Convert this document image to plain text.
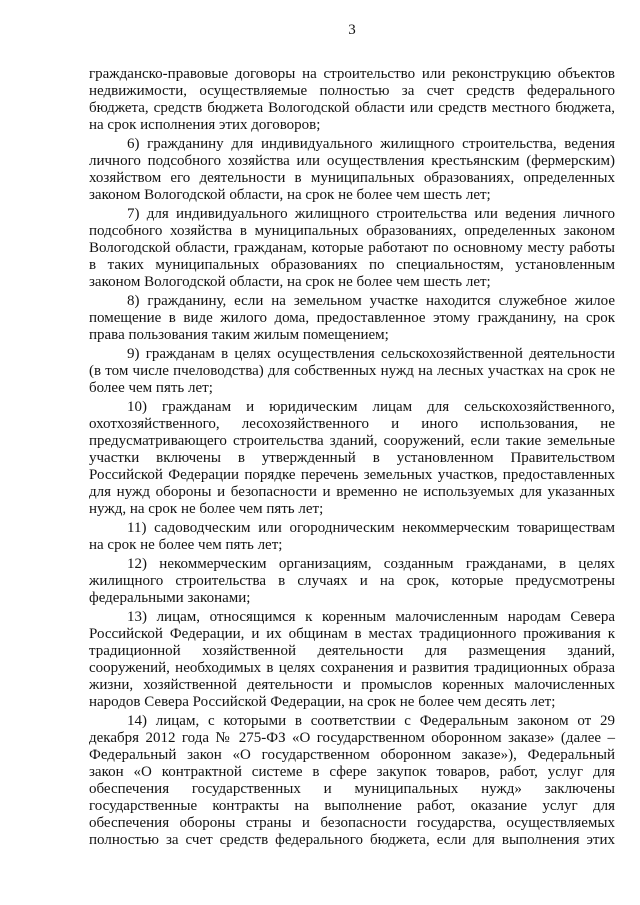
3
гражданско-правовые договоры на строительство или реконструкцию объектов
недвижимости, осуществляемые полностью за счет средств федерального
бюджета, средств бюджета Вологодской области или средств местного бюджета,
на срок исполнения этих договоров;
6) гражданину для индивидуального жилищного строительства, ведения
личного подсобного хозяйства или осуществления крестьянским (фермерским)
хозяйством его деятельности в муниципальных образованиях, определенных
законом Вологодской области, на срок не более чем шесть лет;
7) для индивидуального жилищного строительства или ведения личного
подсобного хозяйства в муниципальных образованиях, определенных законом
Вологодской области, гражданам, которые работают по основному месту работы
в таких муниципальных образованиях по специальностям, установленным
законом Вологодской области, на срок не более чем шесть лет;
8) гражданину, если на земельном участке находится служебное жилое
помещение в виде жилого дома, предоставленное этому гражданину, на срок
права пользования таким жилым помещением;
9) гражданам в целях осуществления сельскохозяйственной деятельности
(в том числе пчеловодства) для собственных нужд на лесных участках на срок не
более чем пять лет;
10) гражданам и юридическим лицам для сельскохозяйственного,
охотхозяйственного, лесохозяйственного и иного использования, не
предусматривающего строительства зданий, сооружений, если такие земельные
участки включены в утвержденный в установленном Правительством
Российской Федерации порядке перечень земельных участков, предоставленных
для нужд обороны и безопасности и временно не используемых для указанных
нужд, на срок не более чем пять лет;
11) садоводческим или огородническим некоммерческим товариществам
на срок не более чем пять лет;
12) некоммерческим организациям, созданным гражданами, в целях
жилищного строительства в случаях и на срок, которые предусмотрены
федеральными законами;
13) лицам, относящимся к коренным малочисленным народам Севера
Российской Федерации, и их общинам в местах традиционного проживания к
традиционной хозяйственной деятельности для размещения зданий,
сооружений, необходимых в целях сохранения и развития традиционных образа
жизни, хозяйственной деятельности и промыслов коренных малочисленных
народов Севера Российской Федерации, на срок не более чем десять лет;
14) лицам, с которыми в соответствии с Федеральным законом от 29
декабря 2012 года № 275-ФЗ «О государственном оборонном заказе» (далее –
Федеральный закон «О государственном оборонном заказе»), Федеральный
закон «О контрактной системе в сфере закупок товаров, работ, услуг для
обеспечения государственных и муниципальных нужд» заключены
государственные контракты на выполнение работ, оказание услуг для
обеспечения обороны страны и безопасности государства, осуществляемых
полностью за счет средств федерального бюджета, если для выполнения этих
